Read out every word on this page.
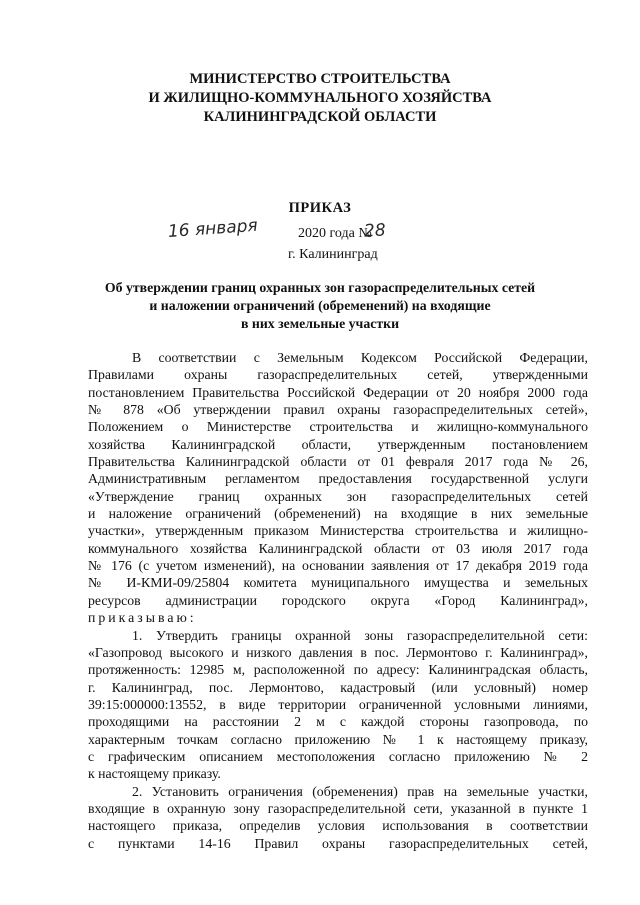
МИНИСТЕРСТВО СТРОИТЕЛЬСТВА
И ЖИЛИЩНО-КОММУНАЛЬНОГО ХОЗЯЙСТВА
КАЛИНИНГРАДСКОЙ ОБЛАСТИ
ПРИКАЗ
16 января	2020 года №
28
г. Калининград
Об утверждении границ охранных зон газораспределительных сетей
и наложении ограничений (обременений) на входящие
в них земельные участки
В соответствии с Земельным Кодексом Российской Федерации,
Правилами охраны газораспределительных сетей, утвержденными
постановлением Правительства Российской Федерации от 20 ноября 2000 года
№ 878 «Об утверждении правил охраны газораспределительных сетей»,
Положением о Министерстве строительства и жилищно-коммунального
хозяйства Калининградской области, утвержденным постановлением
Правительства Калининградской области от 01 февраля 2017 года № 26,
Административным регламентом предоставления государственной услуги
«Утверждение границ охранных зон газораспределительных сетей
и наложение ограничений (обременений) на входящие в них земельные
участки», утвержденным приказом Министерства строительства и жилищно-
коммунального хозяйства Калининградской области от 03 июля 2017 года
№ 176 (с учетом изменений), на основании заявления от 17 декабря 2019 года
№ И-КМИ-09/25804 комитета муниципального имущества и земельных
ресурсов администрации городского округа «Город Калининград»,
приказываю:
1. Утвердить границы охранной зоны газораспределительной сети:
«Газопровод высокого и низкого давления в пос. Лермонтово г. Калининград»,
протяженность: 12985 м, расположенной по адресу: Калининградская область,
г. Калининград, пос. Лермонтово, кадастровый (или условный) номер
39:15:000000:13552, в виде территории ограниченной условными линиями,
проходящими на расстоянии 2 м с каждой стороны газопровода, по
характерным точкам согласно приложению № 1 к настоящему приказу,
с графическим описанием местоположения согласно приложению № 2
к настоящему приказу.
2. Установить ограничения (обременения) прав на земельные участки,
входящие в охранную зону газораспределительной сети, указанной в пункте 1
настоящего приказа, определив условия использования в соответствии
с пунктами 14-16 Правил охраны газораспределительных сетей,
